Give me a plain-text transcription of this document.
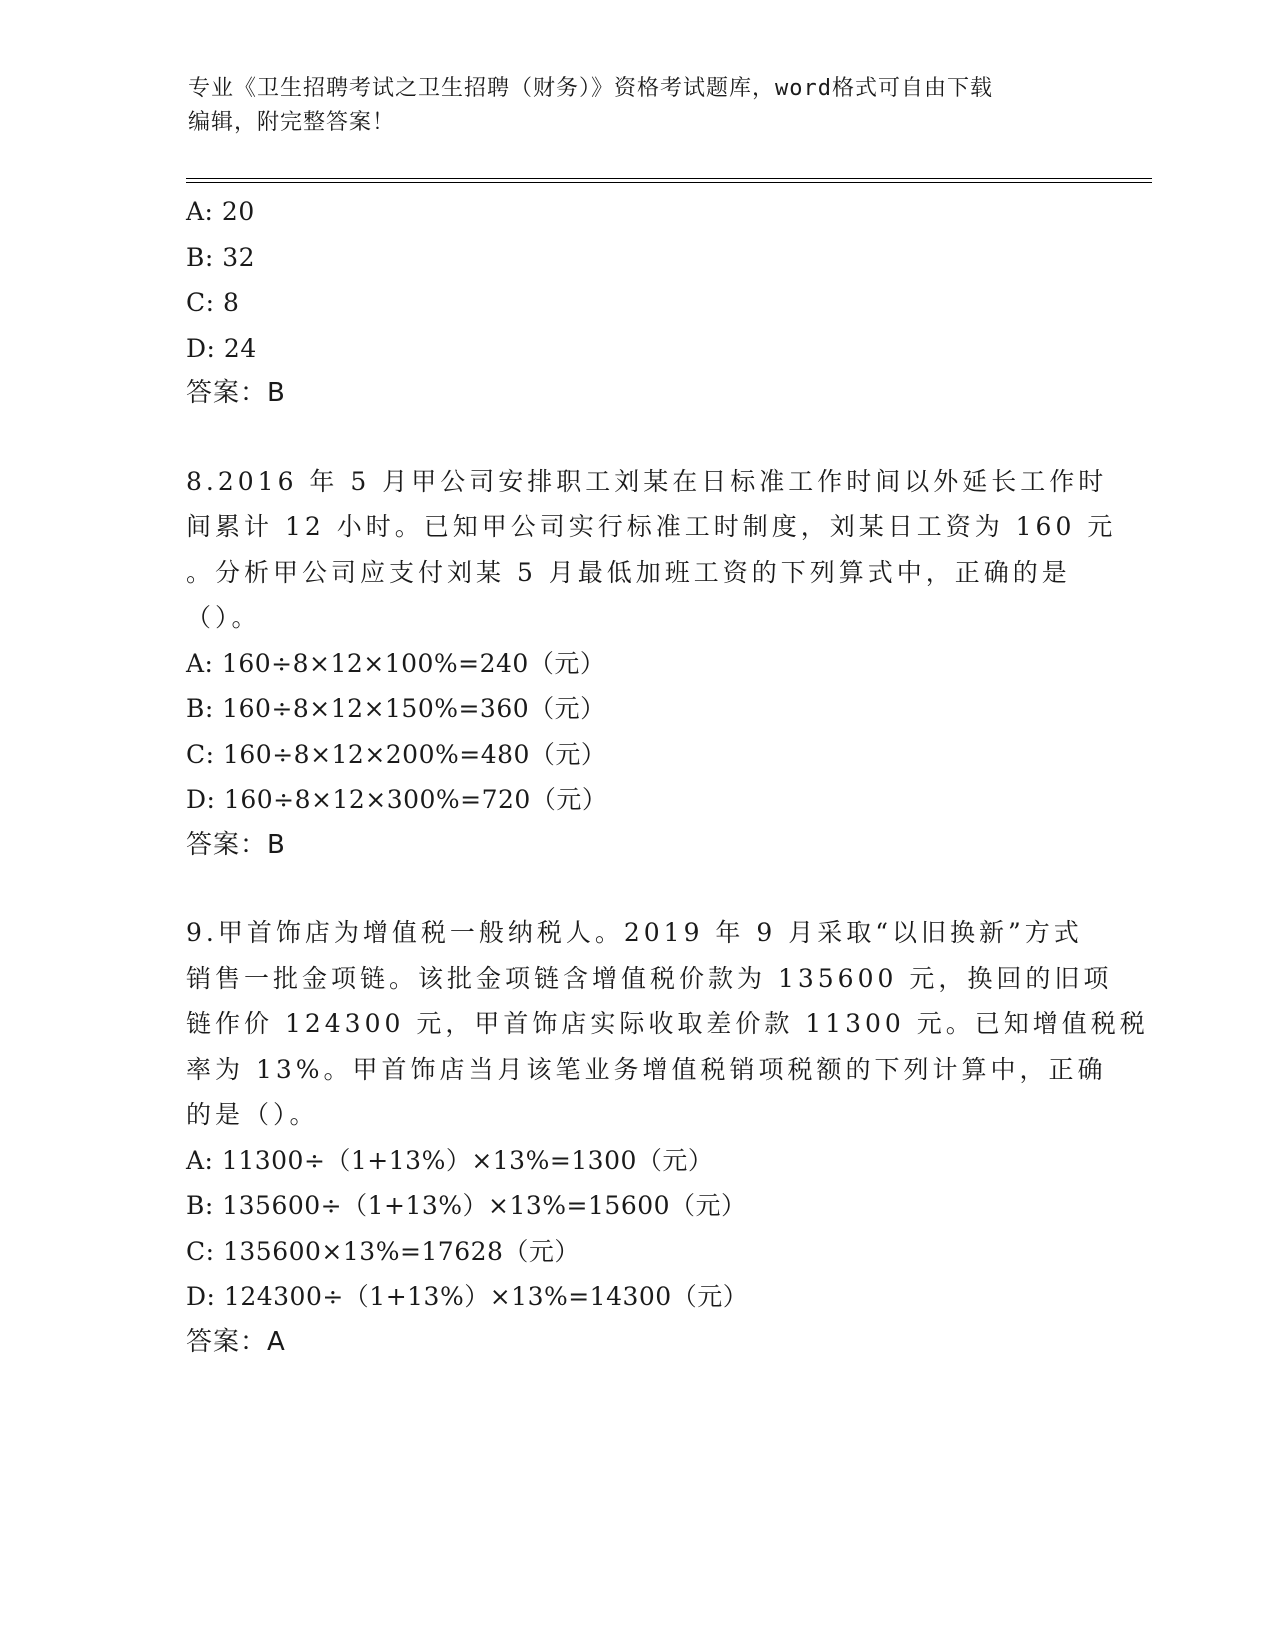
专业《卫生招聘考试之卫生招聘（财务）》资格考试题库，word格式可自由下载
编辑，附完整答案！
A: 20
B: 32
C: 8
D: 24
答案：B
8.2016 年 5 月甲公司安排职工刘某在日标准工作时间以外延长工作时
间累计 12 小时。已知甲公司实行标准工时制度，刘某日工资为 160 元
。分析甲公司应支付刘某 5 月最低加班工资的下列算式中，正确的是
（）。
A: 160÷8×12×100%=240（元）
B: 160÷8×12×150%=360（元）
C: 160÷8×12×200%=480（元）
D: 160÷8×12×300%=720（元）
答案：B
9.甲首饰店为增值税一般纳税人。2019 年 9 月采取“以旧换新”方式
销售一批金项链。该批金项链含增值税价款为 135600 元，换回的旧项
链作价 124300 元，甲首饰店实际收取差价款 11300 元。已知增值税税
率为 13%。甲首饰店当月该笔业务增值税销项税额的下列计算中，正确
的是（）。
A: 11300÷（1+13%）×13%=1300（元）
B: 135600÷（1+13%）×13%=15600（元）
C: 135600×13%=17628（元）
D: 124300÷（1+13%）×13%=14300（元）
答案：A
